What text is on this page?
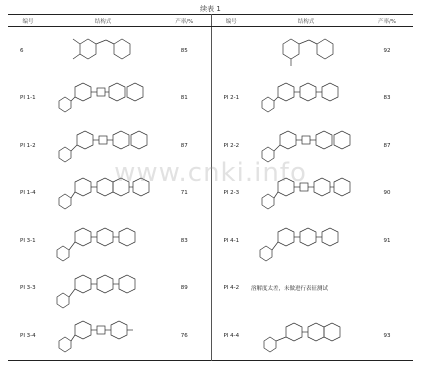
续表 1
编号	结构式	产率/%	编号	结构式	产率/%
6		85			92
PI 1-1		81	PI 2-1		83
PI 1-2		87	PI 2-2		87
PI 1-4		71	PI 2-3		90
PI 3-1		83	PI 4-1		91
PI 3-3		89	PI 4-2	溶解度太差，未做进行表征测试	
PI 3-4		76	PI 4-4		93
www.cnki.info
